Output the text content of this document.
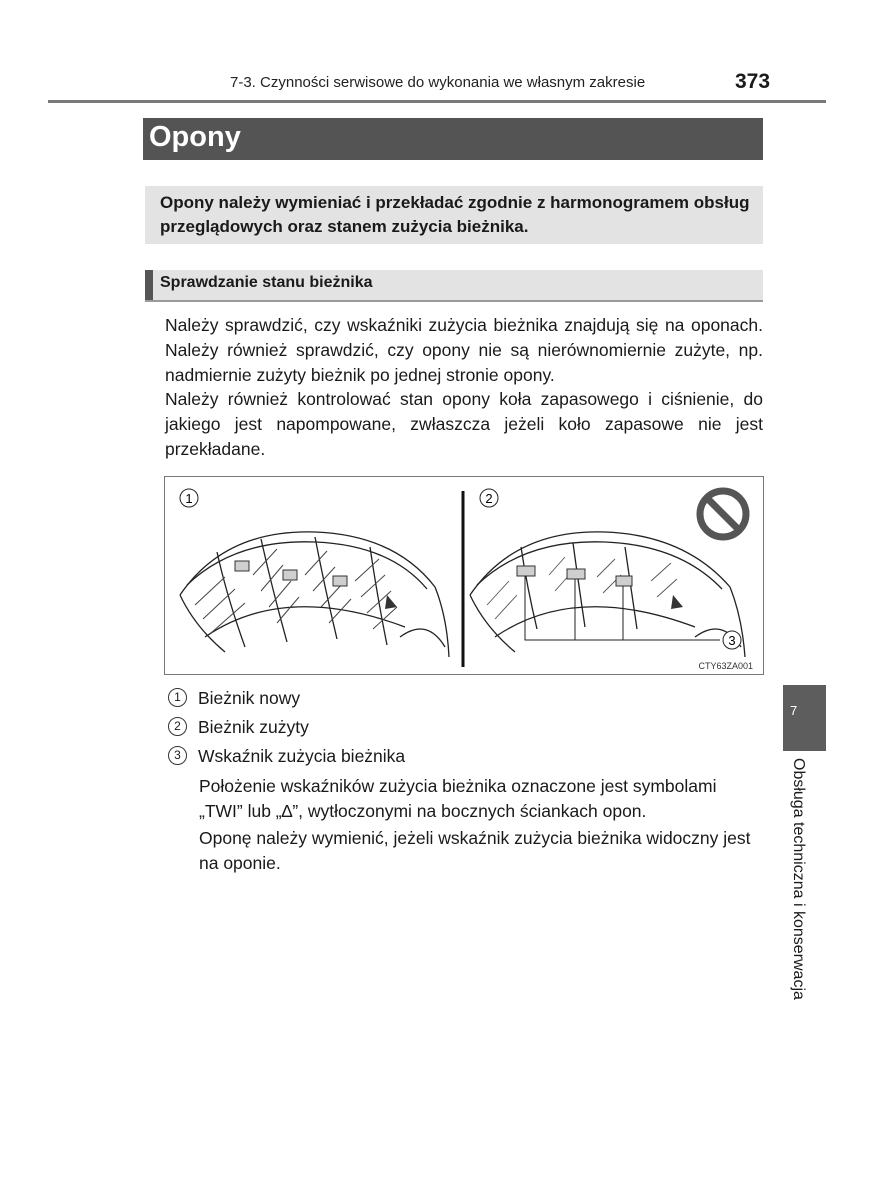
7-3. Czynności serwisowe do wykonania we własnym zakresie	373
Opony
Opony należy wymieniać i przekładać zgodnie z harmonogramem obsług przeglądowych oraz stanem zużycia bieżnika.
Sprawdzanie stanu bieżnika
Należy sprawdzić, czy wskaźniki zużycia bieżnika znajdują się na oponach. Należy również sprawdzić, czy opony nie są nierównomiernie zużyte, np. nadmiernie zużyty bieżnik po jednej stronie opony.
Należy również kontrolować stan opony koła zapasowego i ciśnienie, do jakiego jest napompowane, zwłaszcza jeżeli koło zapasowe nie jest przekładane.
1	2
3
CTY63ZA001
1 Bieżnik nowy
2 Bieżnik zużyty
3 Wskaźnik zużycia bieżnika
Położenie wskaźników zużycia bieżnika oznaczone jest symbolami „TWI” lub „∆”, wytłoczonymi na bocznych ściankach opon.
Oponę należy wymienić, jeżeli wskaźnik zużycia bieżnika widoczny jest na oponie.
7
Obsługa techniczna i konserwacja
